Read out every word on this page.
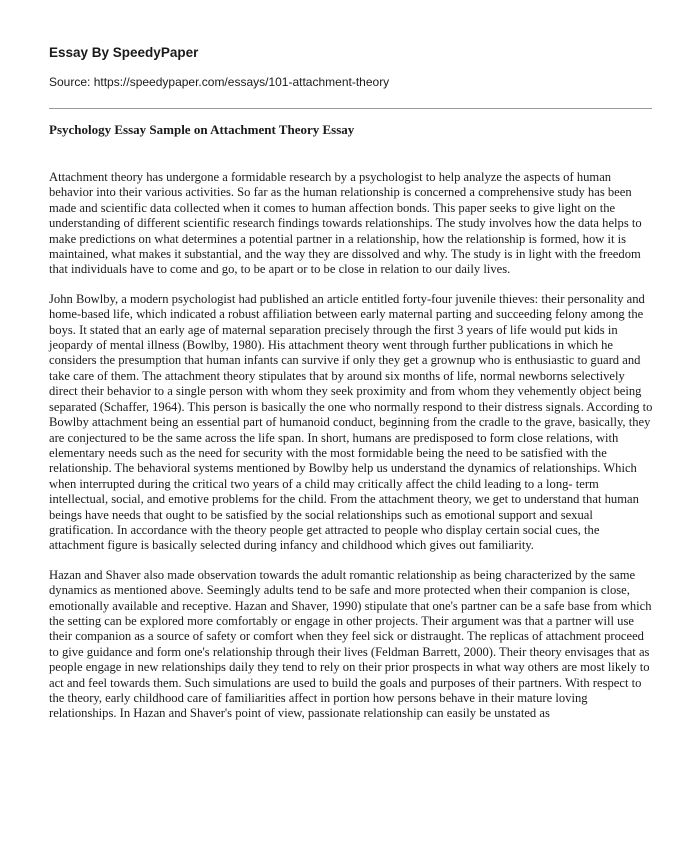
Essay By SpeedyPaper
Source: https://speedypaper.com/essays/101-attachment-theory
Psychology Essay Sample on Attachment Theory Essay

Attachment theory has undergone a formidable research by a psychologist to help analyze the aspects of human behavior into their various activities. So far as the human relationship is concerned a comprehensive study has been made and scientific data collected when it comes to human affection bonds. This paper seeks to give light on the understanding of different scientific research findings towards relationships. The study involves how the data helps to make predictions on what determines a potential partner in a relationship, how the relationship is formed, how it is maintained, what makes it substantial, and the way they are dissolved and why. The study is in light with the freedom that individuals have to come and go, to be apart or to be close in relation to our daily lives.

John Bowlby, a modern psychologist had published an article entitled forty-four juvenile thieves: their personality and home-based life, which indicated a robust affiliation between early maternal parting and succeeding felony among the boys. It stated that an early age of maternal separation precisely through the first 3 years of life would put kids in jeopardy of mental illness (Bowlby, 1980). His attachment theory went through further publications in which he considers the presumption that human infants can survive if only they get a grownup who is enthusiastic to guard and take care of them. The attachment theory stipulates that by around six months of life, normal newborns selectively direct their behavior to a single person with whom they seek proximity and from whom they vehemently object being separated (Schaffer, 1964). This person is basically the one who normally respond to their distress signals. According to Bowlby attachment being an essential part of humanoid conduct, beginning from the cradle to the grave, basically, they are conjectured to be the same across the life span. In short, humans are predisposed to form close relations, with elementary needs such as the need for security with the most formidable being the need to be satisfied with the relationship. The behavioral systems mentioned by Bowlby help us understand the dynamics of relationships. Which when interrupted during the critical two years of a child may critically affect the child leading to a long- term intellectual, social, and emotive problems for the child. From the attachment theory, we get to understand that human beings have needs that ought to be satisfied by the social relationships such as emotional support and sexual gratification. In accordance with the theory people get attracted to people who display certain social cues, the attachment figure is basically selected during infancy and childhood which gives out familiarity.

Hazan and Shaver also made observation towards the adult romantic relationship as being characterized by the same dynamics as mentioned above. Seemingly adults tend to be safe and more protected when their companion is close, emotionally available and receptive. Hazan and Shaver, 1990) stipulate that one's partner can be a safe base from which the setting can be explored more comfortably or engage in other projects. Their argument was that a partner will use their companion as a source of safety or comfort when they feel sick or distraught. The replicas of attachment proceed to give guidance and form one's relationship through their lives (Feldman Barrett, 2000). Their theory envisages that as people engage in new relationships daily they tend to rely on their prior prospects in what way others are most likely to act and feel towards them. Such simulations are used to build the goals and purposes of their partners. With respect to the theory, early childhood care of familiarities affect in portion how persons behave in their mature loving relationships. In Hazan and Shaver's point of view, passionate relationship can easily be unstated as
